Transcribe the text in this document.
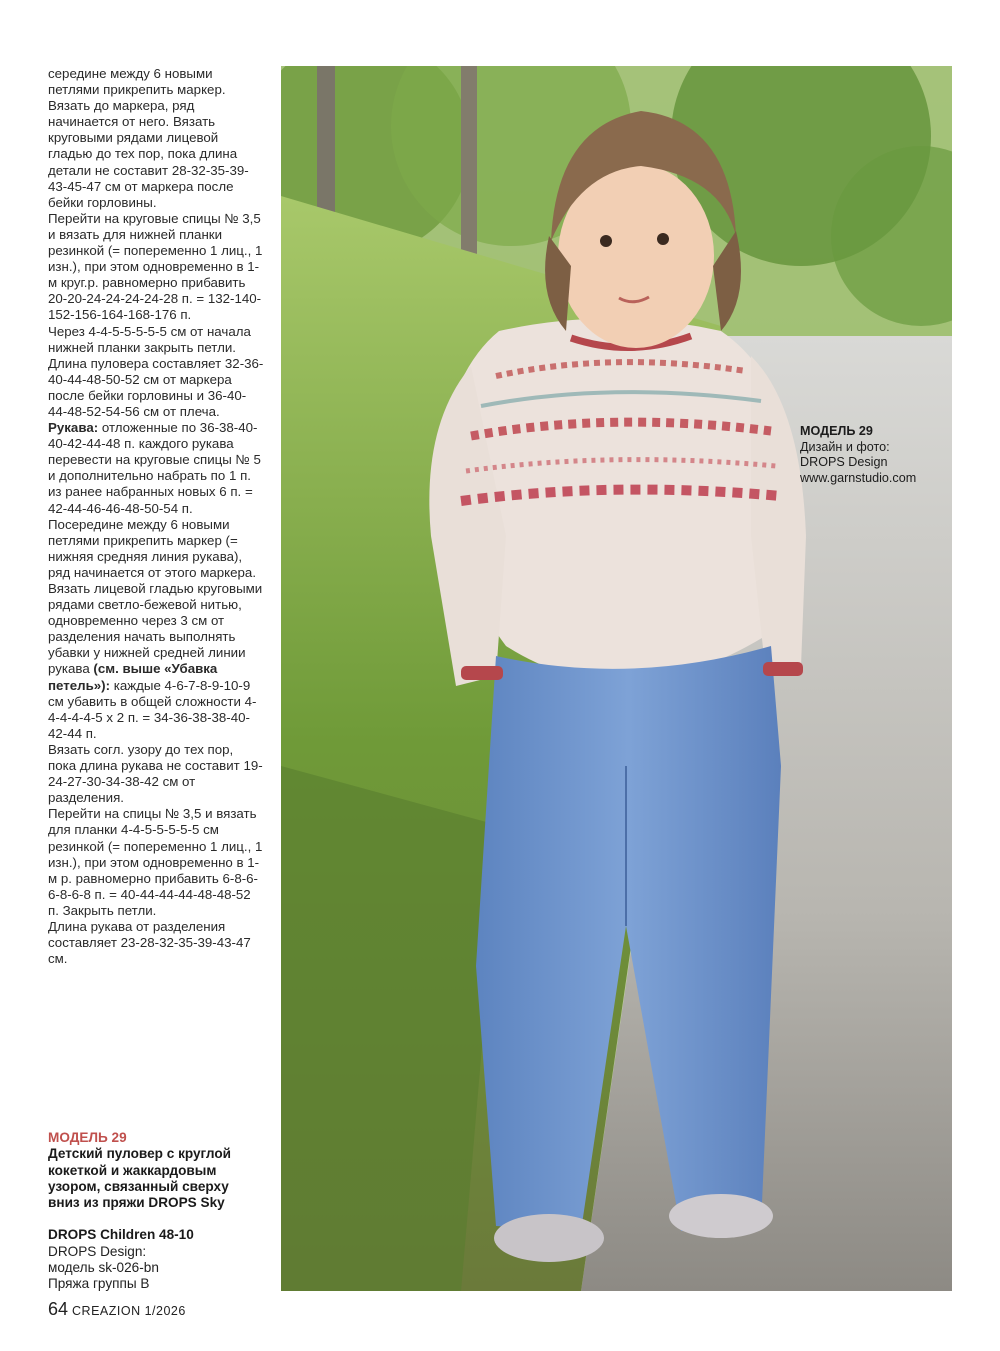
середине между 6 новыми петлями прикрепить маркер. Вязать до маркера, ряд начинается от него. Вязать круговыми рядами лицевой гладью до тех пор, пока длина детали не составит 28-32-35-39-43-45-47 см от маркера после бейки горловины.

Перейти на круговые спицы № 3,5 и вязать для нижней планки резинкой (= попеременно 1 лиц., 1 изн.), при этом одновременно в 1-м круг.р. равномерно прибавить 20-20-24-24-24-24-28 п. = 132-140-152-156-164-168-176 п.

Через 4-4-5-5-5-5-5 см от начала нижней планки закрыть петли.

Длина пуловера составляет 32-36-40-44-48-50-52 см от маркера после бейки горловины и 36-40-44-48-52-54-56 см от плеча.

Рукава: отложенные по 36-38-40-40-42-44-48 п. каждого рукава перевести на круговые спицы № 5 и дополнительно набрать по 1 п. из ранее набранных новых 6 п. = 42-44-46-46-48-50-54 п.

Посередине между 6 новыми петлями прикрепить маркер (= нижняя средняя линия рукава), ряд начинается от этого маркера.

Вязать лицевой гладью круговыми рядами светло-бежевой нитью, одновременно через 3 см от разделения начать выполнять убавки у нижней средней линии рукава (см. выше «Убавка петель»): каждые 4-6-7-8-9-10-9 см убавить в общей сложности 4-4-4-4-4-5 х 2 п. = 34-36-38-38-40-42-44 п.

Вязать согл. узору до тех пор, пока длина рукава не составит 19-24-27-30-34-38-42 см от разделения.

Перейти на спицы № 3,5 и вязать для планки 4-4-5-5-5-5-5 см резинкой (= попеременно 1 лиц., 1 изн.), при этом одновременно в 1-м р. равномерно прибавить 6-8-6-6-8-6-8 п. = 40-44-44-44-48-48-52 п. Закрыть петли.

Длина рукава от разделения составляет 23-28-32-35-39-43-47 см.

МОДЕЛЬ 29
Детский пуловер с круглой кокеткой и жаккардовым узором, связанный сверху вниз из пряжи DROPS Sky
DROPS Children 48-10
DROPS Design:
модель sk-026-bn
Пряжа группы B
64 CREAZION 1/2026
МОДЕЛЬ 29
Дизайн и фото:
DROPS Design
www.garnstudio.com
